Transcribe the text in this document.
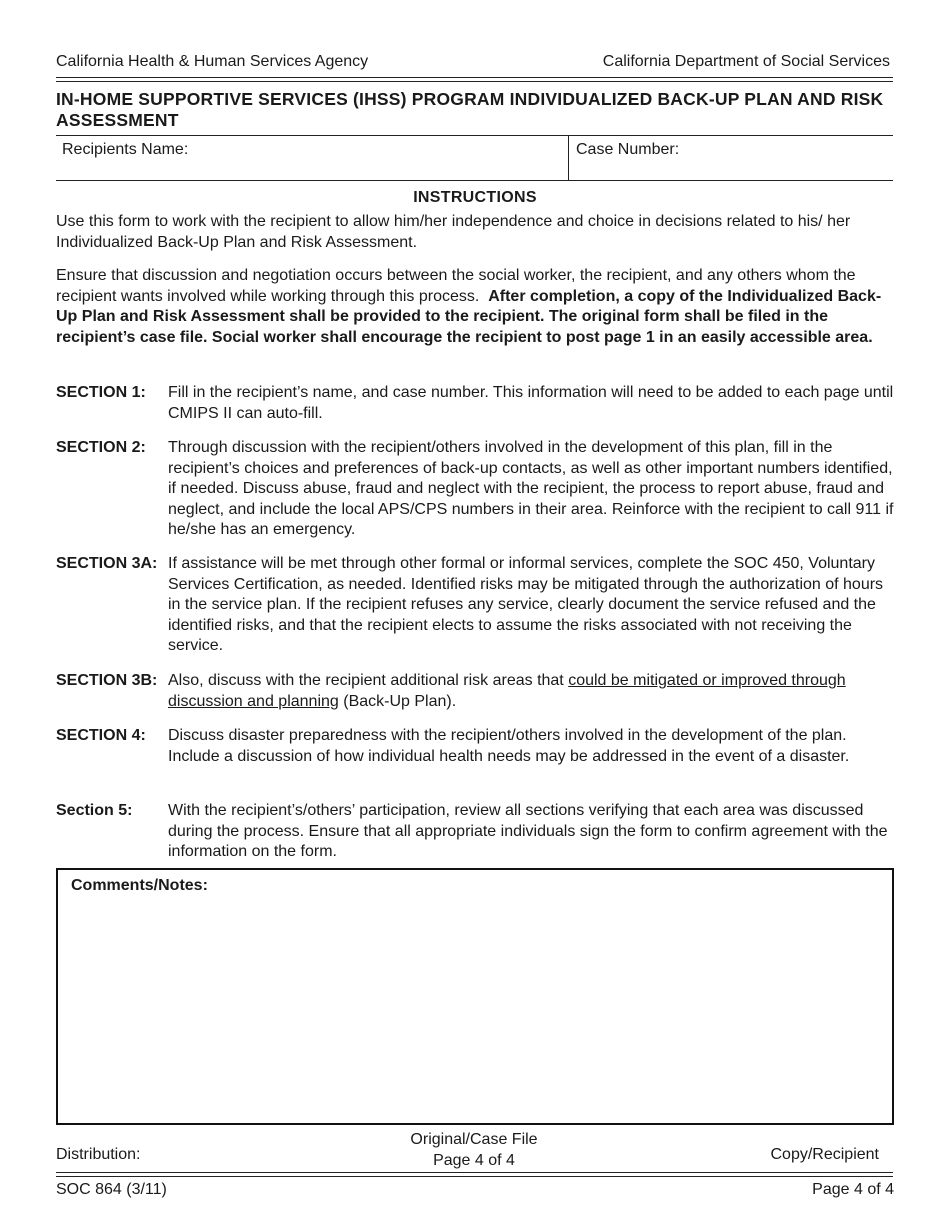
California Health & Human Services Agency	California Department of Social Services
IN-HOME SUPPORTIVE SERVICES (IHSS) PROGRAM INDIVIDUALIZED BACK-UP PLAN AND RISK ASSESSMENT
Recipients Name:	Case Number:
INSTRUCTIONS
Use this form to work with the recipient to allow him/her independence and choice in decisions related to his/ her Individualized Back-Up Plan and Risk Assessment.
Ensure that discussion and negotiation occurs between the social worker, the recipient, and any others whom the recipient wants involved while working through this process. After completion, a copy of the Individualized Back-Up Plan and Risk Assessment shall be provided to the recipient. The original form shall be filed in the recipient’s case file. Social worker shall encourage the recipient to post page 1 in an easily accessible area.
SECTION 1: Fill in the recipient’s name, and case number. This information will need to be added to each page until CMIPS II can auto-fill.
SECTION 2: Through discussion with the recipient/others involved in the development of this plan, fill in the recipient’s choices and preferences of back-up contacts, as well as other important numbers identified, if needed. Discuss abuse, fraud and neglect with the recipient, the process to report abuse, fraud and neglect, and include the local APS/CPS numbers in their area. Reinforce with the recipient to call 911 if he/she has an emergency.
SECTION 3A: If assistance will be met through other formal or informal services, complete the SOC 450, Voluntary Services Certification, as needed. Identified risks may be mitigated through the authorization of hours in the service plan. If the recipient refuses any service, clearly document the service refused and the identified risks, and that the recipient elects to assume the risks associated with not receiving the service.
SECTION 3B: Also, discuss with the recipient additional risk areas that could be mitigated or improved through discussion and planning (Back-Up Plan).
SECTION 4: Discuss disaster preparedness with the recipient/others involved in the development of the plan. Include a discussion of how individual health needs may be addressed in the event of a disaster.
Section 5: With the recipient’s/others’ participation, review all sections verifying that each area was discussed during the process. Ensure that all appropriate individuals sign the form to confirm agreement with the information on the form.
Comments/Notes:
Distribution:
Original/Case File
Page 4 of 4	Copy/Recipient
SOC 864 (3/11)	Page 4 of 4
